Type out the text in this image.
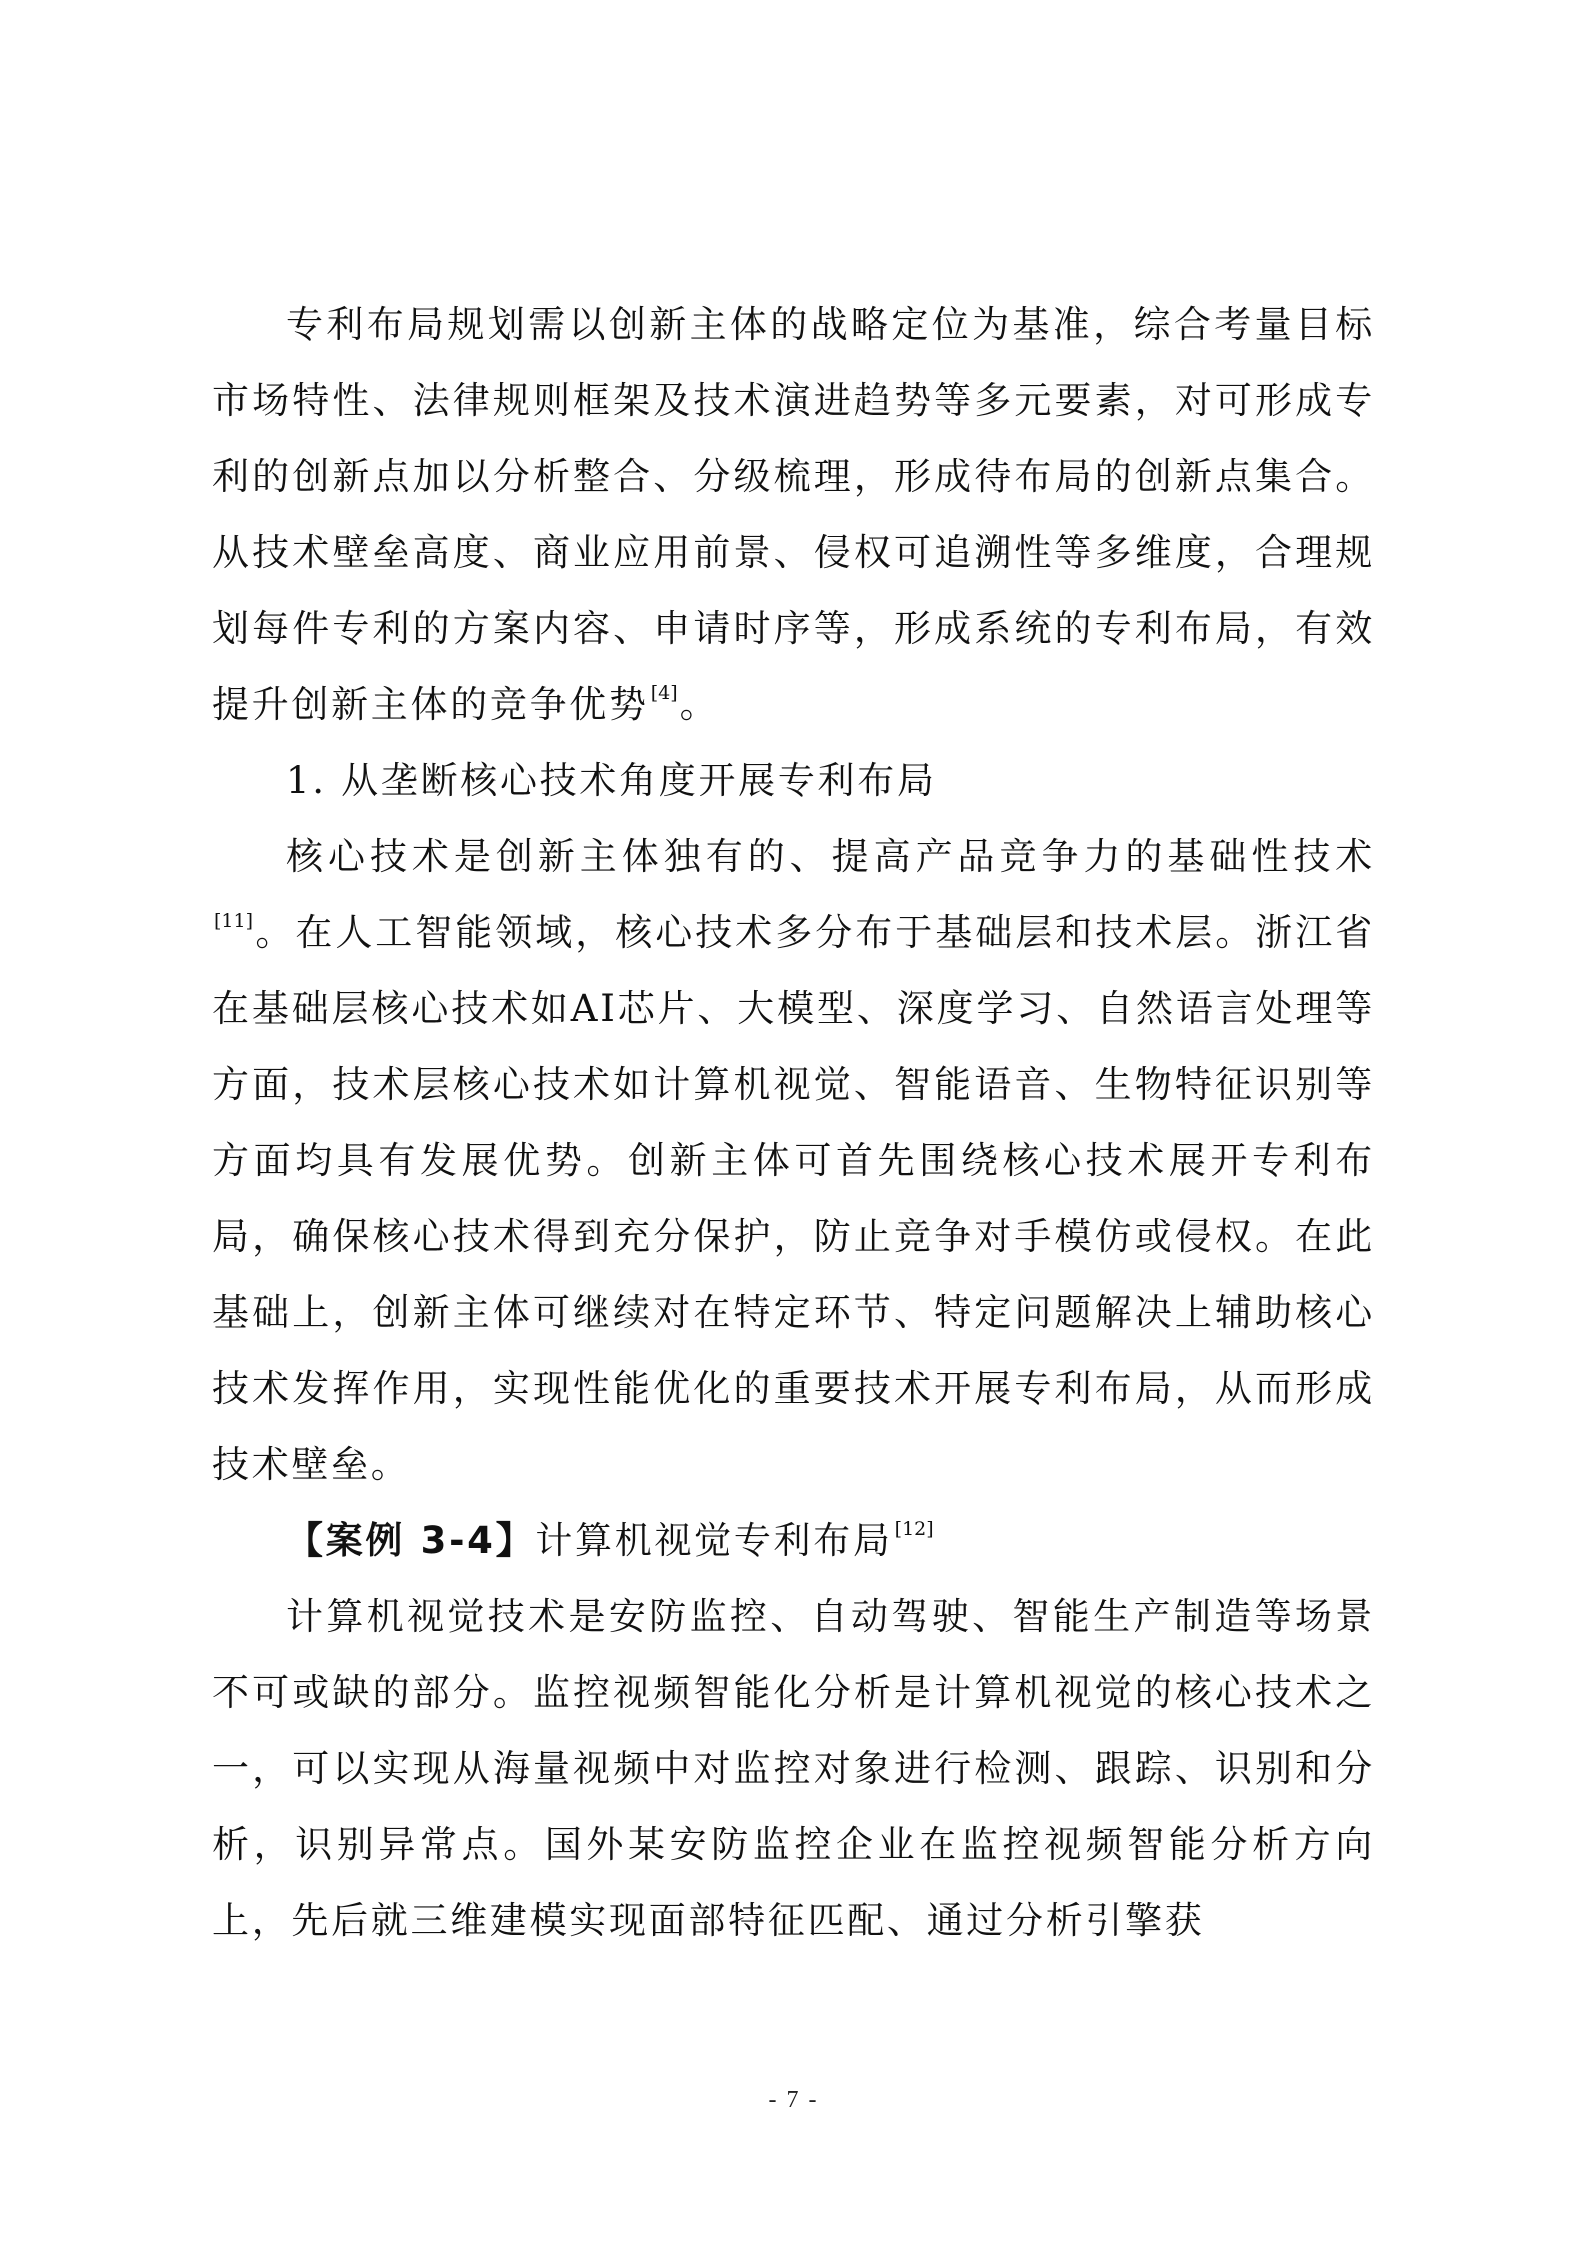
专利布局规划需以创新主体的战略定位为基准，综合考量目标市场特性、法律规则框架及技术演进趋势等多元要素，对可形成专利的创新点加以分析整合、分级梳理，形成待布局的创新点集合。从技术壁垒高度、商业应用前景、侵权可追溯性等多维度，合理规划每件专利的方案内容、申请时序等，形成系统的专利布局，有效提升创新主体的竞争优势 [4]。

1. 从垄断核心技术角度开展专利布局

核心技术是创新主体独有的、提高产品竞争力的基础性技术[11]。在人工智能领域，核心技术多分布于基础层和技术层。浙江省在基础层核心技术如AI芯片、大模型、深度学习、自然语言处理等方面，技术层核心技术如计算机视觉、智能语音、生物特征识别等方面均具有发展优势。创新主体可首先围绕核心技术展开专利布局，确保核心技术得到充分保护，防止竞争对手模仿或侵权。在此基础上，创新主体可继续对在特定环节、特定问题解决上辅助核心技术发挥作用，实现性能优化的重要技术开展专利布局，从而形成技术壁垒。

【案例 3-4】计算机视觉专利布局 [12]

计算机视觉技术是安防监控、自动驾驶、智能生产制造等场景不可或缺的部分。监控视频智能化分析是计算机视觉的核心技术之一，可以实现从海量视频中对监控对象进行检测、跟踪、识别和分析，识别异常点。国外某安防监控企业在监控视频智能分析方向上，先后就三维建模实现面部特征匹配、通过分析引擎获

- 7 -
